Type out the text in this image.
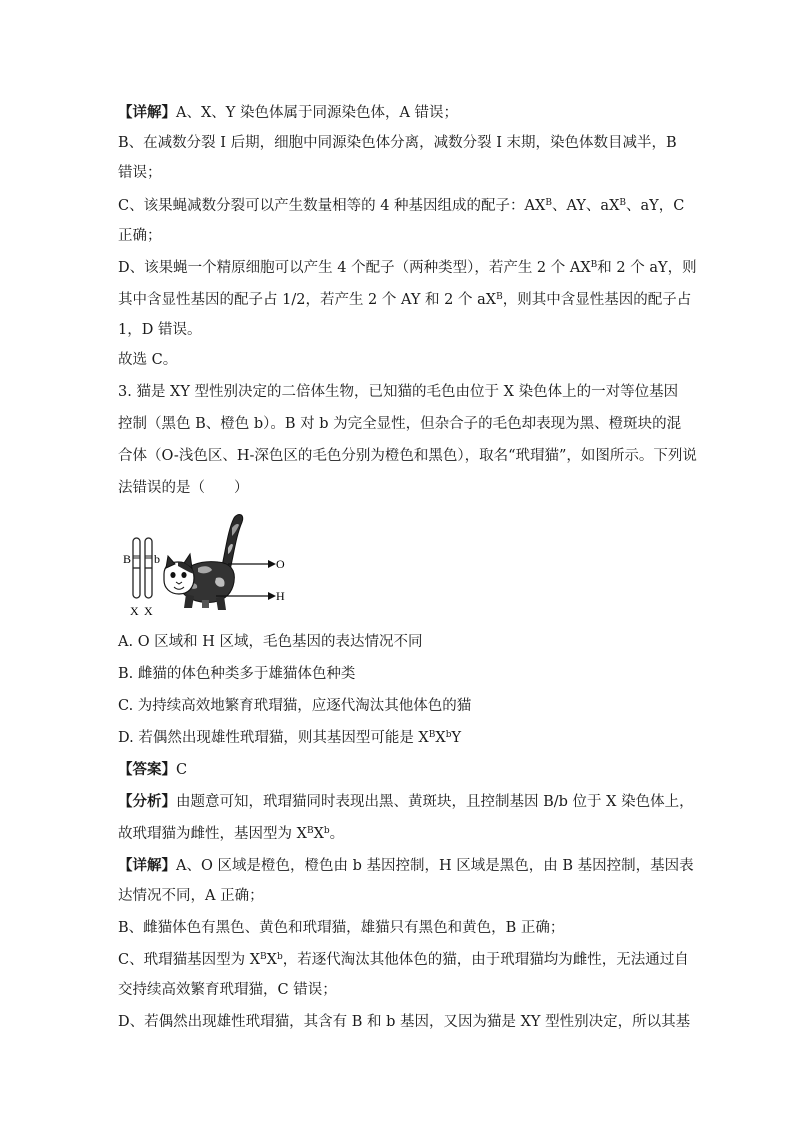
【详解】A、X、Y 染色体属于同源染色体，A 错误；
B、在减数分裂 I 后期，细胞中同源染色体分离，减数分裂 I 末期，染色体数目减半，B
错误；
C、该果蝇减数分裂可以产生数量相等的 4 种基因组成的配子：$AX^B$、AY、$aX^B$、aY，C
正确；
D、该果蝇一个精原细胞可以产生 4 个配子（两种类型），若产生 2 个 $AX^B$和 2 个 aY，则
其中含显性基因的配子占 1/2，若产生 2 个 AY 和 2 个 $aX^B$，则其中含显性基因的配子占
1，D 错误。
故选 C。
3. 猫是 XY 型性别决定的二倍体生物，已知猫的毛色由位于 X 染色体上的一对等位基因
控制（黑色 B、橙色 b）。B 对 b 为完全显性，但杂合子的毛色却表现为黑、橙斑块的混
合体（O-浅色区、H-深色区的毛色分别为橙色和黑色），取名“玳瑁猫”，如图所示。下列说
法错误的是（　　）
B b
X X
O
H
A. O 区域和 H 区域，毛色基因的表达情况不同
B. 雌猫的体色种类多于雄猫体色种类
C. 为持续高效地繁育玳瑁猫，应逐代淘汰其他体色的猫
D. 若偶然出现雄性玳瑁猫，则其基因型可能是 $X^BX^bY$
【答案】C
【分析】由题意可知，玳瑁猫同时表现出黑、黄斑块，且控制基因 B/b 位于 X 染色体上，
故玳瑁猫为雌性，基因型为 $X^BX^b$。
【详解】A、O 区域是橙色，橙色由 b 基因控制，H 区域是黑色，由 B 基因控制，基因表
达情况不同，A 正确；
B、雌猫体色有黑色、黄色和玳瑁猫，雄猫只有黑色和黄色，B 正确；
C、玳瑁猫基因型为 $X^BX^b$，若逐代淘汰其他体色的猫，由于玳瑁猫均为雌性，无法通过自
交持续高效繁育玳瑁猫，C 错误；
D、若偶然出现雄性玳瑁猫，其含有 B 和 b 基因，又因为猫是 XY 型性别决定，所以其基
